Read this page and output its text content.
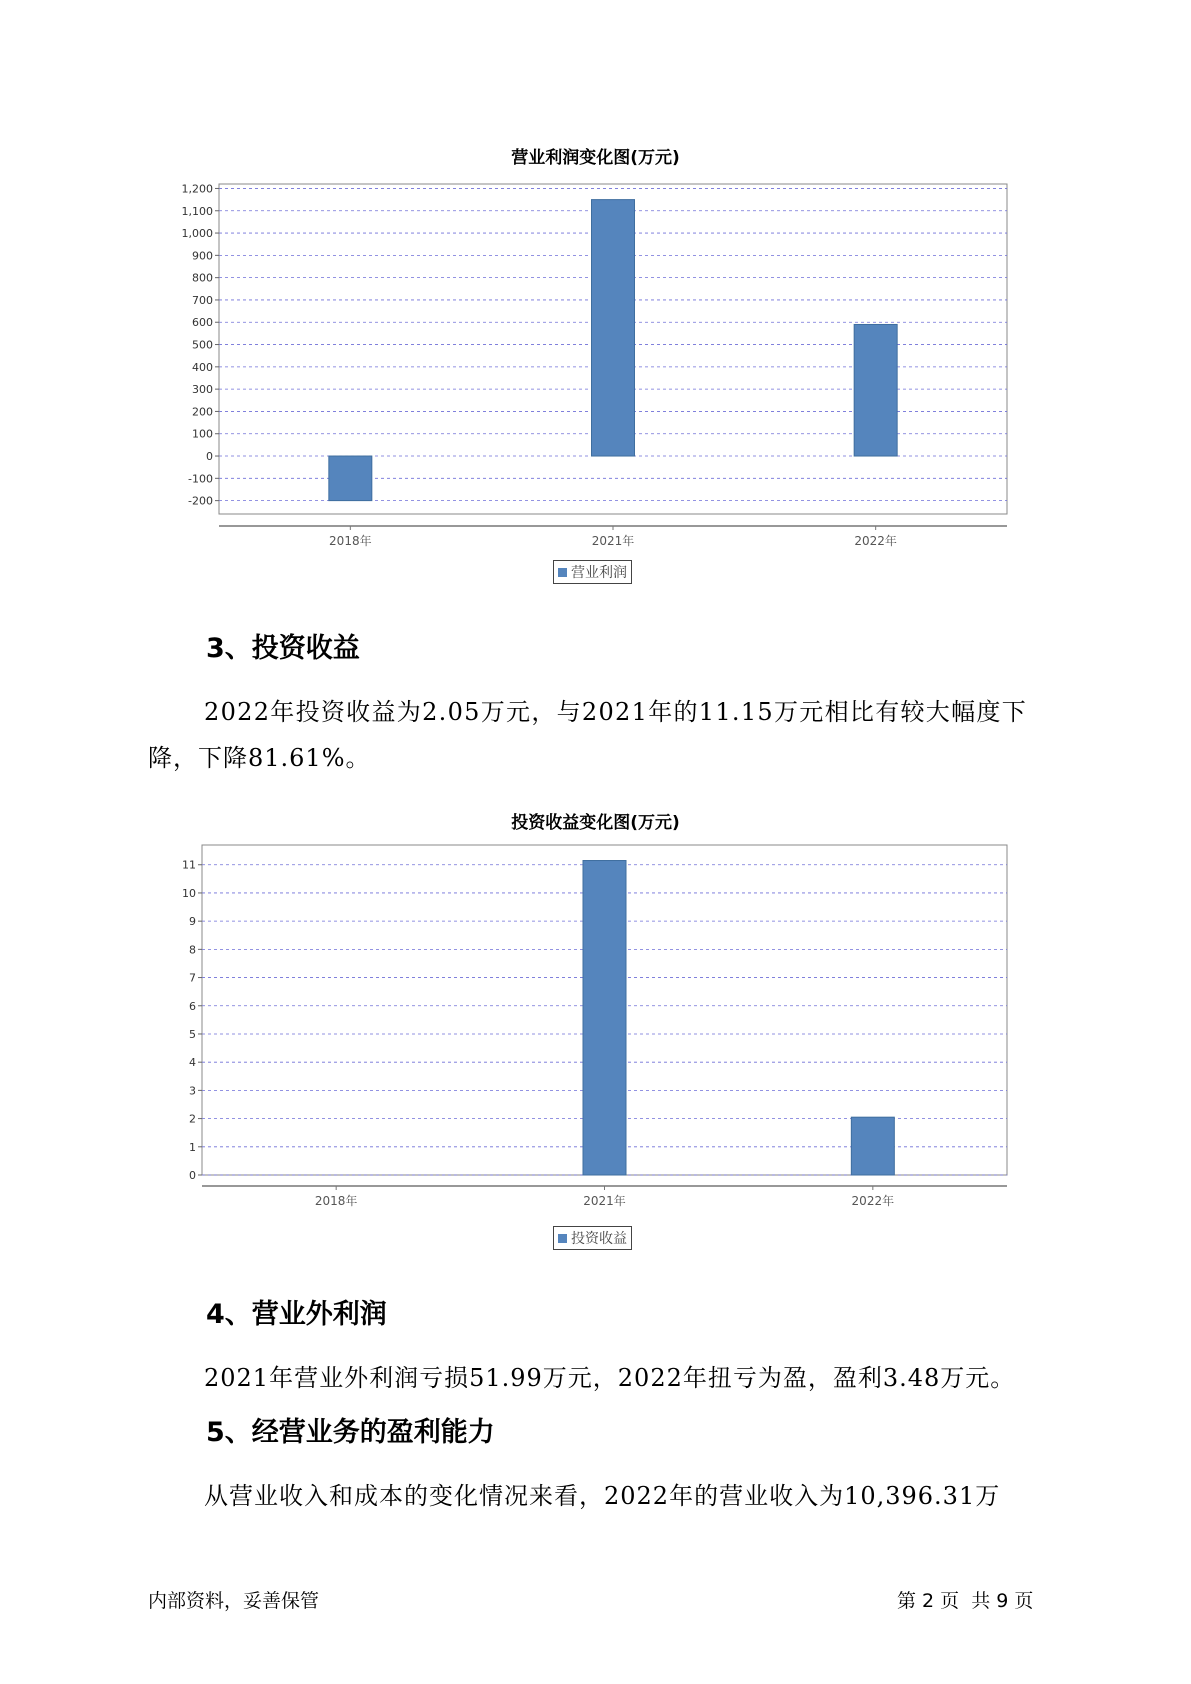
营业利润变化图(万元)
-200
-100
0
100
200
300
400
500
600
700
800
900
1,000
1,100
1,200
2018年	2021年	2022年
营业利润
3、投资收益

2022年投资收益为2.05万元，与2021年的11.15万元相比有较大幅度下

降，下降81.61%。

投资收益变化图(万元)
0
1
2
3
4
5
6
7
8
9
10
11
2018年	2021年	2022年
投资收益
4、营业外利润

2021年营业外利润亏损51.99万元，2022年扭亏为盈，盈利3.48万元。

5、经营业务的盈利能力

从营业收入和成本的变化情况来看，2022年的营业收入为10,396.31万

内部资料，妥善保管	第 2 页  共 9 页
